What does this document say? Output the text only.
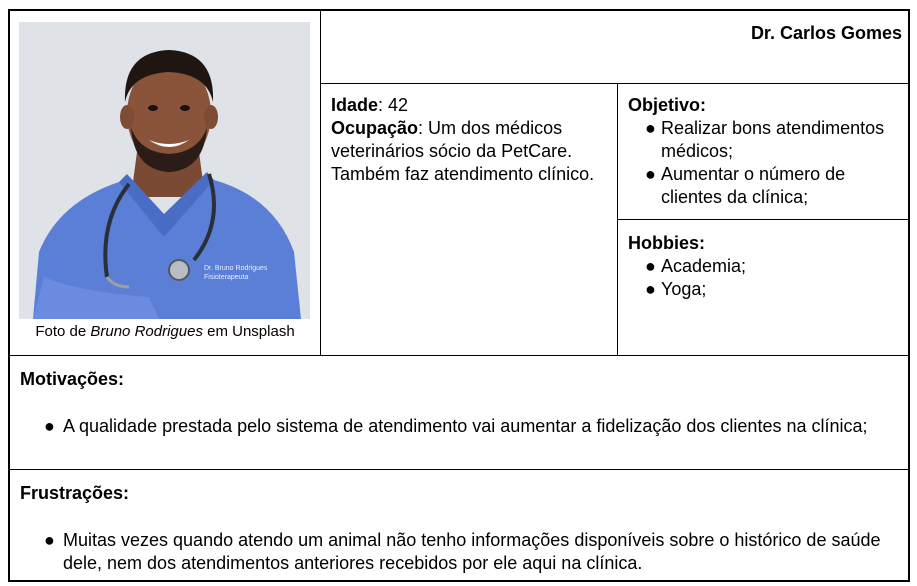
Dr. Bruno Rodrigues
Fisioterapeuta
Foto de Bruno Rodrigues em Unsplash
Dr. Carlos Gomes
Idade: 42
Ocupação: Um dos médicos veterinários sócio da PetCare. Também faz atendimento clínico.
Objetivo:
● Realizar bons atendimentos médicos;
● Aumentar o número de clientes da clínica;
Hobbies:
● Academia;
● Yoga;
Motivações:
● A qualidade prestada pelo sistema de atendimento vai aumentar a fidelização dos clientes na clínica;
Frustrações:
● Muitas vezes quando atendo um animal não tenho informações disponíveis sobre o histórico de saúde dele, nem dos atendimentos anteriores recebidos por ele aqui na clínica.
